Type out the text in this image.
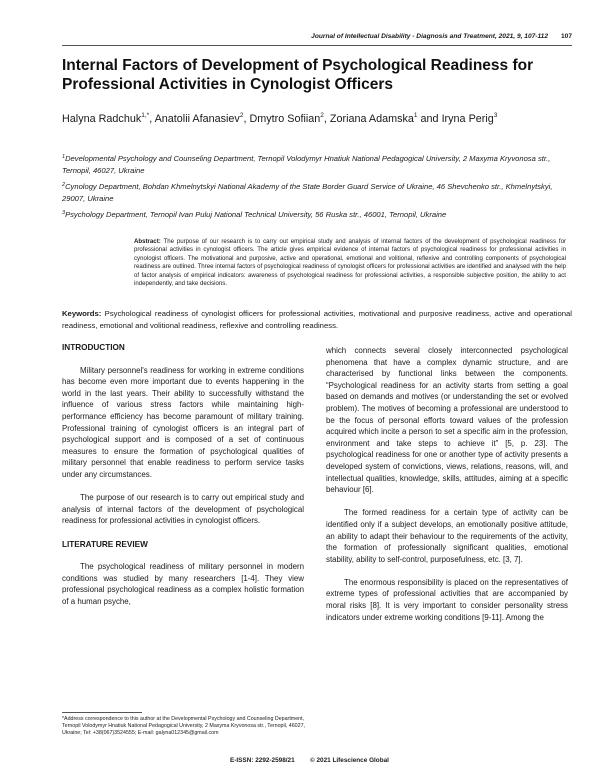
Journal of Intellectual Disability - Diagnosis and Treatment, 2021, 9, 107-112 107
Internal Factors of Development of Psychological Readiness for Professional Activities in Cynologist Officers
Halyna Radchuk$^{1,*}$, Anatolii Afanasiev$^2$, Dmytro Sofiian$^2$, Zoriana Adamska$^1$ and Iryna Perig$^3$
$^1$Developmental Psychology and Counseling Department, Ternopil Volodymyr Hnatiuk National Pedagogical University, 2 Maxyma Kryvonosa str., Ternopil, 46027, Ukraine
$^2$Cynology Department, Bohdan Khmelnytskyi National Akademy of the State Border Guard Service of Ukraine, 46 Shevchenko str., Khmelnytskyi, 29007, Ukraine
$^3$Psychology Department, Ternopil Ivan Puluj National Technical University, 56 Ruska str., 46001, Ternopil, Ukraine
Abstract: The purpose of our research is to carry out empirical study and analysis of internal factors of the development of psychological readiness for professional activities in cynologist officers. The article gives empirical evidence of internal factors of psychological readiness for professional activities in cynologist officers. The motivational and purposive, active and operational, emotional and volitional, reflexive and controlling components of psychological readiness are outlined. Three internal factors of psychological readiness of cynologist officers for professional activities are identified and analysed with the help of factor analysis of empirical indicators: awareness of psychological readiness for professional activities, a responsible subjective position, the ability to act independently, and take decisions.
Keywords: Psychological readiness of cynologist officers for professional activities, motivational and purposive readiness, active and operational readiness, emotional and volitional readiness, reflexive and controlling readiness.
INTRODUCTION

Military personnel's readiness for working in extreme conditions has become even more important due to events happening in the world in the last years. Their ability to successfully withstand the influence of various stress factors while maintaining high-performance efficiency has become paramount of military training. Professional training of cynologist officers is an integral part of psychological support and is composed of a set of continuous measures to ensure the formation of psychological qualities of military personnel that enable readiness to perform service tasks under any circumstances.

The purpose of our research is to carry out empirical study and analysis of internal factors of the development of psychological readiness for professional activities in cynologist officers.

LITERATURE REVIEW

The psychological readiness of military personnel in modern conditions was studied by many researchers [1-4]. They view professional psychological readiness as a complex holistic formation of a human psyche,

which connects several closely interconnected psychological phenomena that have a complex dynamic structure, and are characterised by functional links between the components. “Psychological readiness for an activity starts from setting a goal based on demands and motives (or understanding the set or evolved problem). The motives of becoming a professional are understood to be the focus of personal efforts toward values of the profession acquired which incite a person to set a specific aim in the profession, environment and take steps to achieve it” [5, p. 23]. The psychological readiness for one or another type of activity presents a developed system of convictions, views, relations, reasons, will, and intellectual qualities, knowledge, skills, attitudes, aiming at a specific behaviour [6].

The formed readiness for a certain type of activity can be identified only if a subject develops, an emotionally positive attitude, an ability to adapt their behaviour to the requirements of the activity, the formation of professionally significant qualities, emotional stability, ability to self-control, purposefulness, etc. [3, 7].

The enormous responsibility is placed on the representatives of extreme types of professional activities that are accompanied by moral risks [8]. It is very important to consider personality stress indicators under extreme working conditions [9-11]. Among the

*Address correspondence to this author at the Developmental Psychology and Counseling Department, Ternopil Volodymyr Hnatiuk National Pedagogical University, 2 Maxyma Kryvonosa str., Ternopil, 46027, Ukraine; Tel: +38(067)3524555; E-mail: galyna012345@gmail.com
E-ISSN: 2292-2598/21 © 2021 Lifescience Global
